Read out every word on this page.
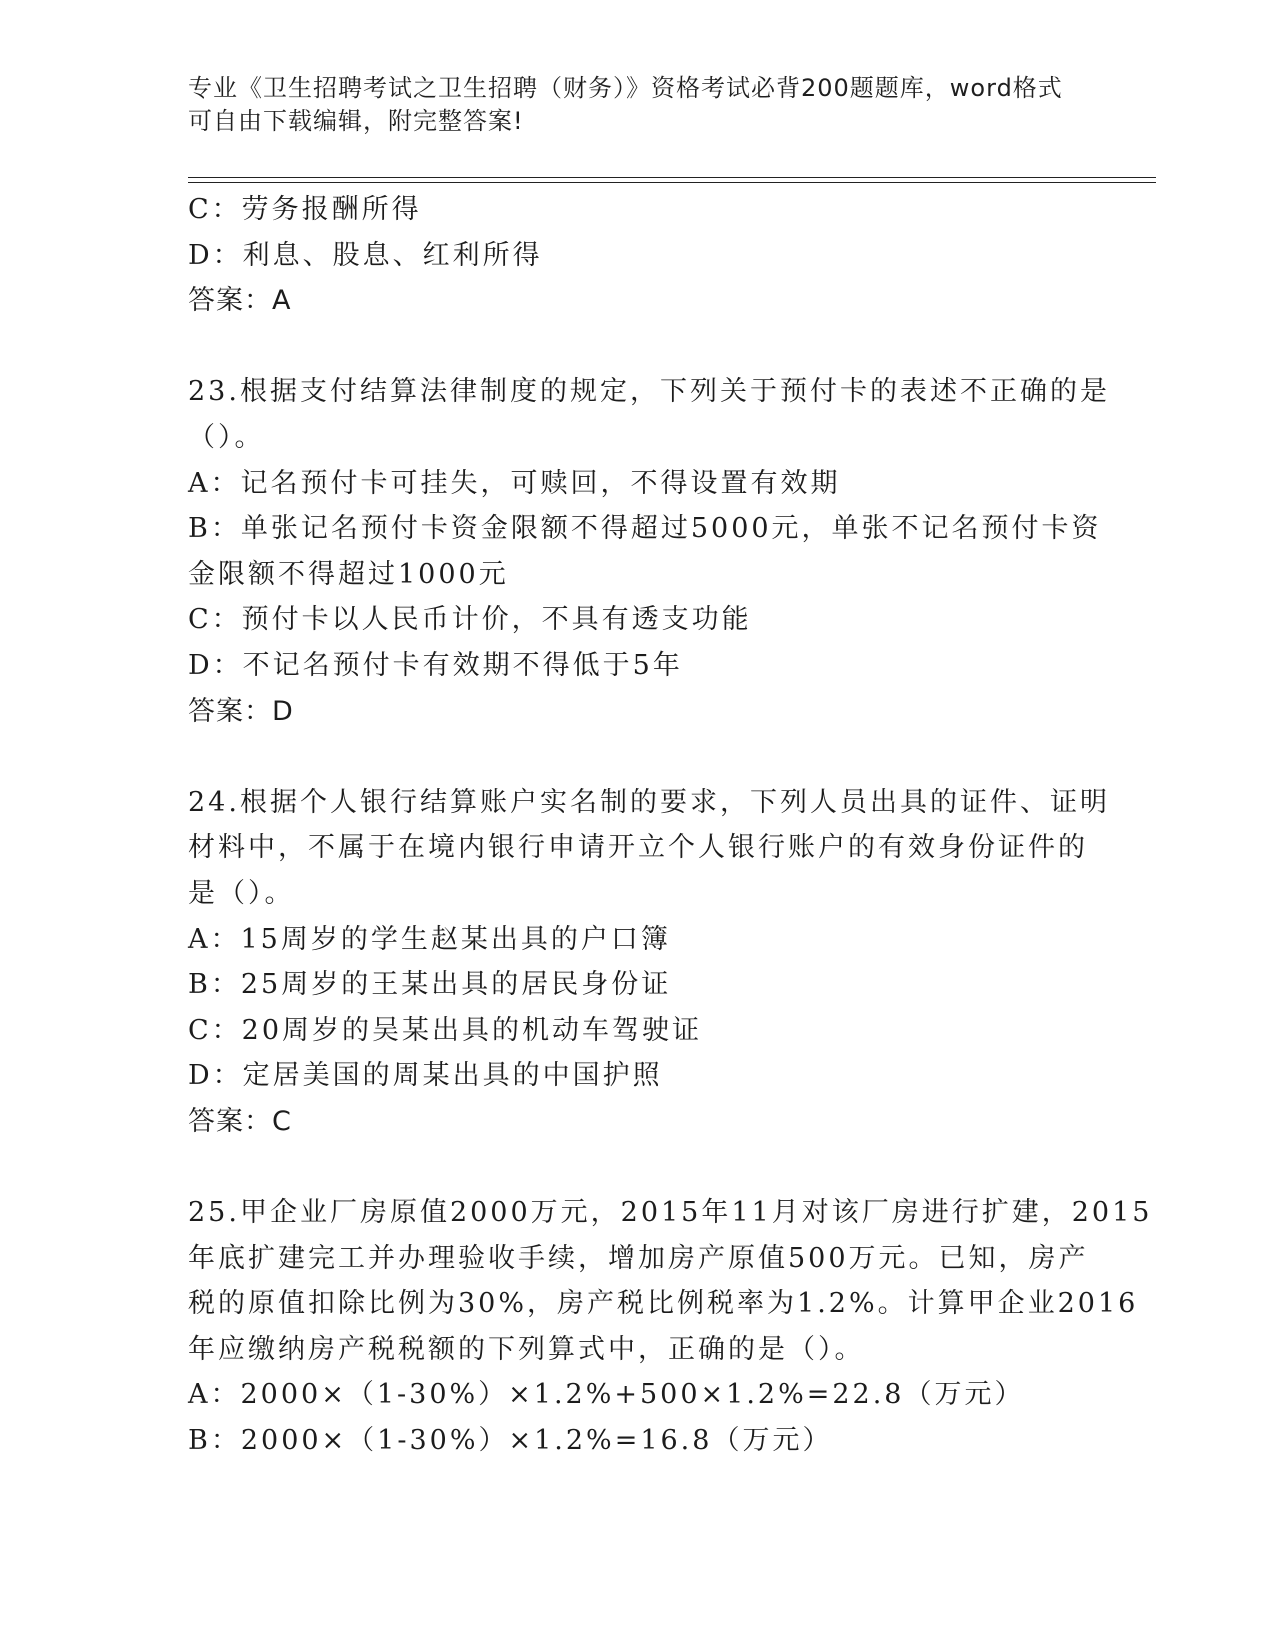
专业《卫生招聘考试之卫生招聘（财务）》资格考试必背200题题库，word格式
可自由下载编辑，附完整答案!
C：劳务报酬所得
D：利息、股息、红利所得
答案：A
23.根据支付结算法律制度的规定，下列关于预付卡的表述不正确的是
（）。
A：记名预付卡可挂失，可赎回，不得设置有效期
B：单张记名预付卡资金限额不得超过5000元，单张不记名预付卡资
金限额不得超过1000元
C：预付卡以人民币计价，不具有透支功能
D：不记名预付卡有效期不得低于5年
答案：D
24.根据个人银行结算账户实名制的要求，下列人员出具的证件、证明
材料中，不属于在境内银行申请开立个人银行账户的有效身份证件的
是（）。
A：15周岁的学生赵某出具的户口簿
B：25周岁的王某出具的居民身份证
C：20周岁的吴某出具的机动车驾驶证
D：定居美国的周某出具的中国护照
答案：C
25.甲企业厂房原值2000万元，2015年11月对该厂房进行扩建，2015
年底扩建完工并办理验收手续，增加房产原值500万元。已知，房产
税的原值扣除比例为30%，房产税比例税率为1.2%。计算甲企业2016
年应缴纳房产税税额的下列算式中，正确的是（）。
A：2000×（1-30%）×1.2%+500×1.2%=22.8（万元）
B：2000×（1-30%）×1.2%=16.8（万元）
